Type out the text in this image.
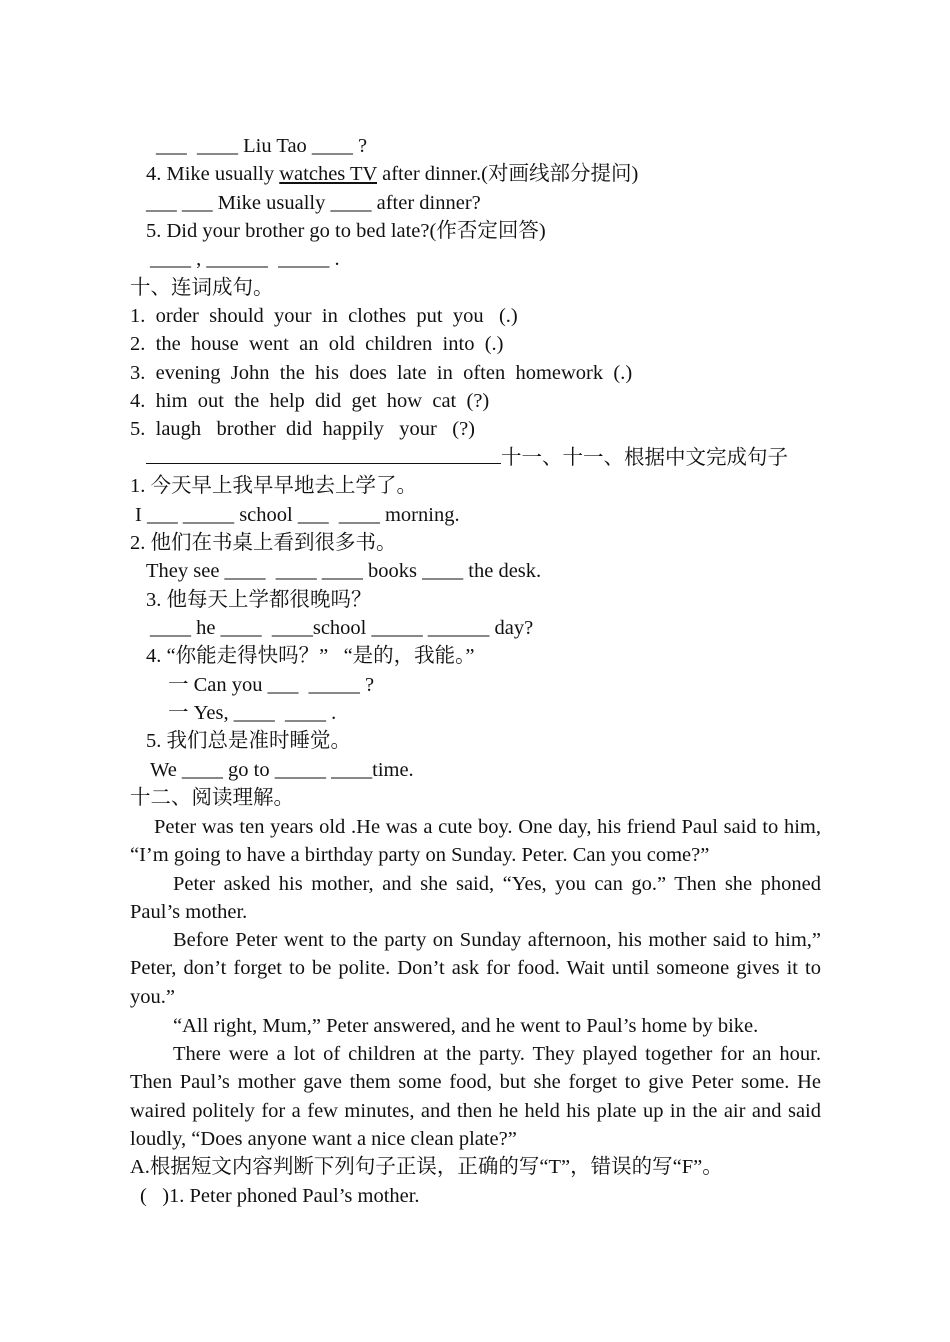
___  ____ Liu Tao ____ ?
4. Mike usually watches TV after dinner.(对画线部分提问)
___ ___ Mike usually ____ after dinner?
5. Did your brother go to bed late?(作否定回答)
____ , ______  _____ .
十、连词成句。
1.  order  should  your  in  clothes  put  you   (.)
2.  the  house  went  an  old  children  into  (.)
3.  evening  John  the  his  does  late  in  often  homework  (.)
4.  him  out  the  help  did  get  how  cat  (?)
5.  laugh   brother  did  happily   your   (?)
十一、十一、根据中文完成句子
1. 今天早上我早早地去上学了。
I ___ _____ school ___  ____ morning.
2. 他们在书桌上看到很多书。
They see ____  ____ ____ books ____ the desk.
3. 他每天上学都很晚吗？
____ he ____  ____school _____ ______ day?
4. “你能走得快吗？”   “是的，我能。”
一 Can you ___  _____ ?
一 Yes, ____  ____ .
5. 我们总是准时睡觉。
We ____ go to _____ ____time.
十二、阅读理解。
Peter was ten years old .He was a cute boy. One day, his friend Paul said to him, “I’m going to have a birthday party on Sunday. Peter. Can you come?”
Peter asked his mother, and she said, “Yes, you can go.” Then she phoned Paul’s mother.
Before Peter went to the party on Sunday afternoon, his mother said to him,” Peter, don’t forget to be polite. Don’t ask for food. Wait until someone gives it to you.”
“All right, Mum,” Peter answered, and he went to Paul’s home by bike.
There were a lot of children at the party. They played together for an hour. Then Paul’s mother gave them some food, but she forget to give Peter some. He waired politely for a few minutes, and then he held his plate up in the air and said loudly, “Does anyone want a nice clean plate?”
A.根据短文内容判断下列句子正误，正确的写“T”，错误的写“F”。
(   )1. Peter phoned Paul’s mother.
